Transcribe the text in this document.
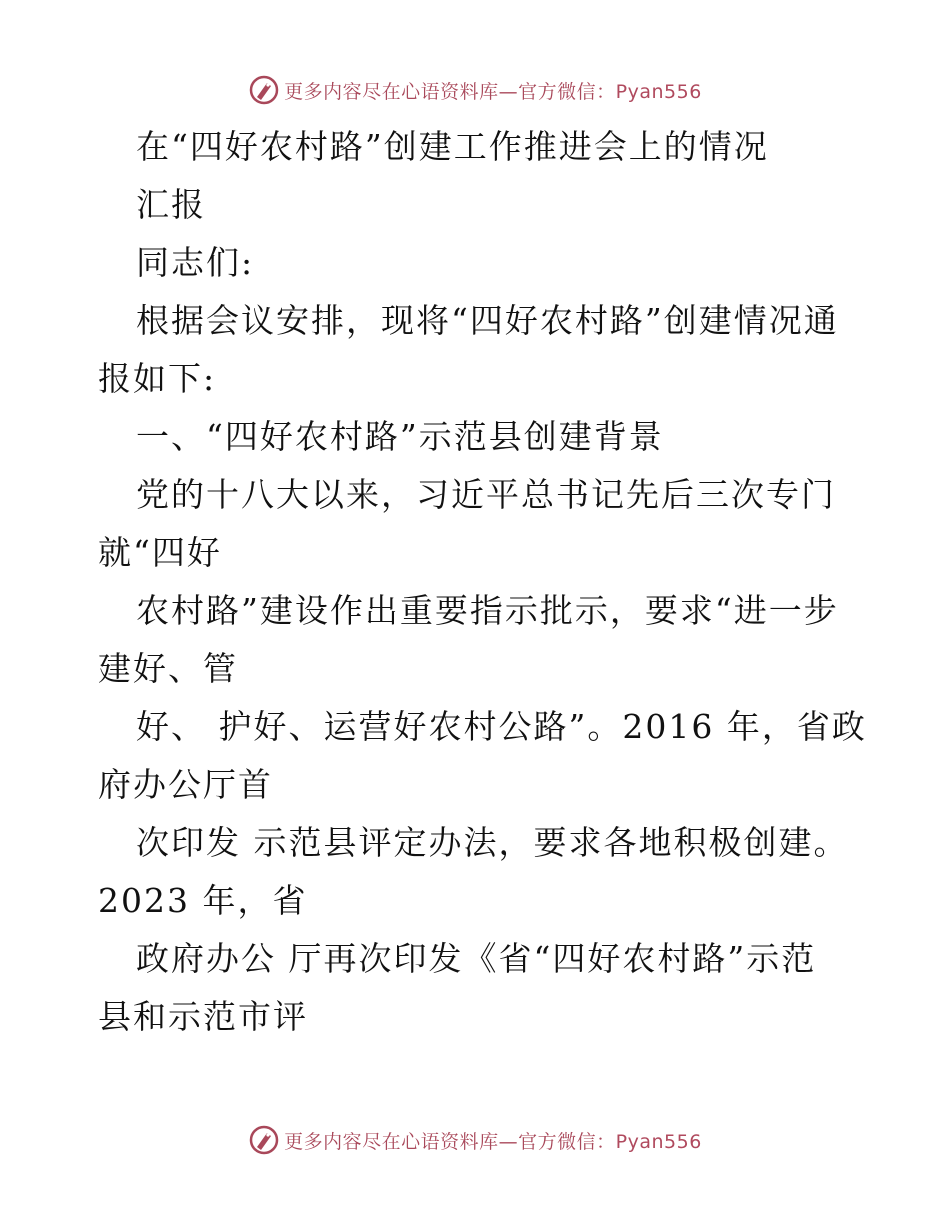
更多内容尽在心语资料库—官方微信：Pyan556
在“四好农村路”创建工作推进会上的情况
汇报
同志们:
根据会议安排，现将“四好农村路”创建情况通
报如下:
一、“四好农村路”示范县创建背景
党的十八大以来，习近平总书记先后三次专门
就“四好
农村路”建设作出重要指示批示，要求“进一步
建好、管
好、 护好、运营好农村公路”。2016 年，省政
府办公厅首
次印发 示范县评定办法，要求各地积极创建。
2023 年，省
政府办公 厅再次印发《省“四好农村路”示范
县和示范市评
更多内容尽在心语资料库—官方微信：Pyan556
